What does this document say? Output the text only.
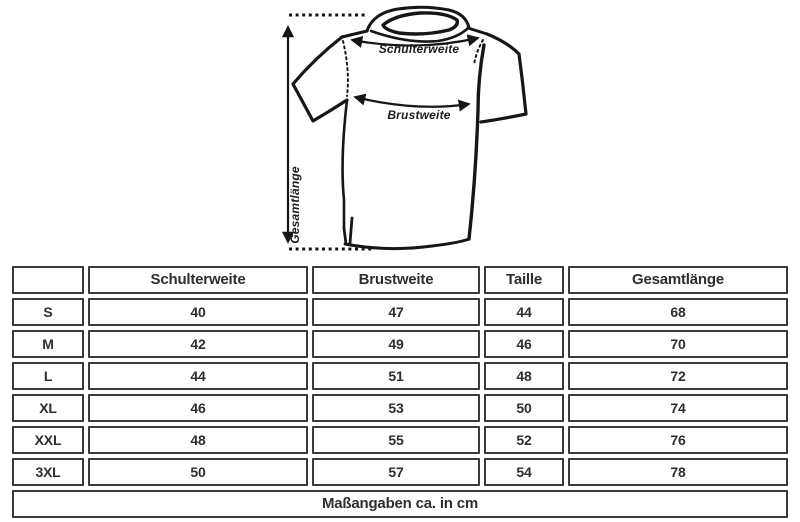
Schulterweite
Brustweite
Gesamtlänge
	Schulterweite	Brustweite	Taille	Gesamtlänge
S	40	47	44	68
M	42	49	46	70
L	44	51	48	72
XL	46	53	50	74
XXL	48	55	52	76
3XL	50	57	54	78
Maßangaben ca. in cm				
